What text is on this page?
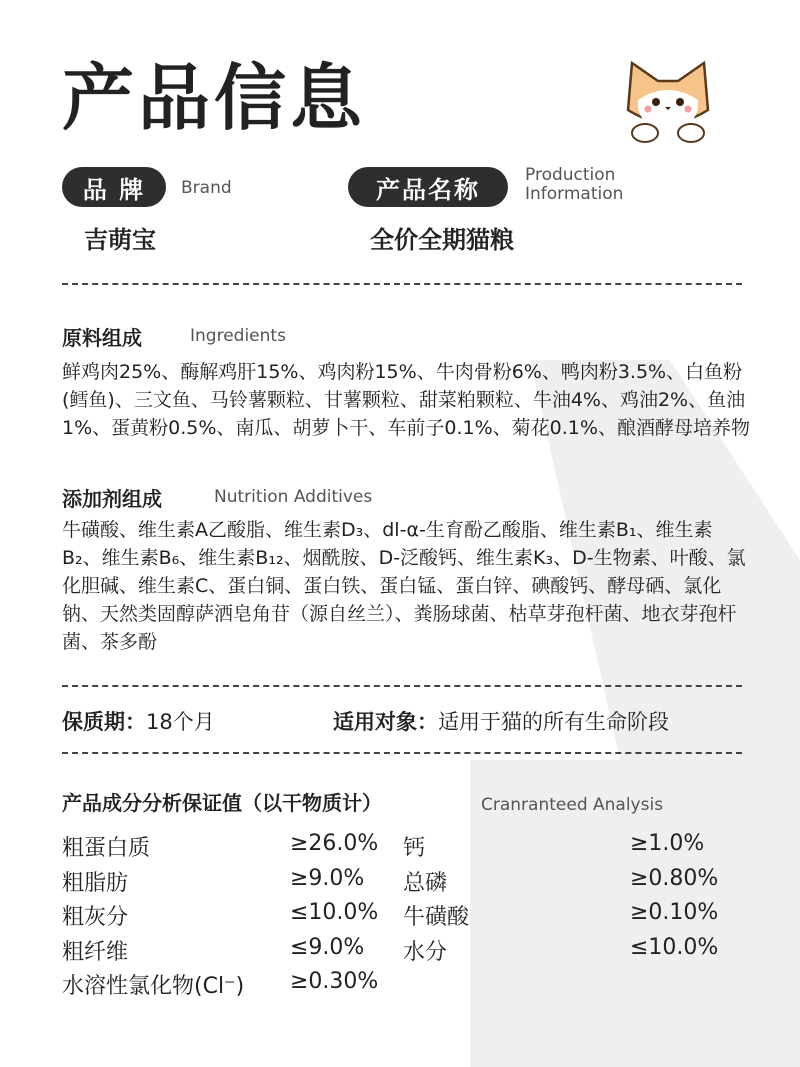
产品信息
品 牌	Brand
吉萌宝
产品名称
Production
Information
全价全期猫粮
原料组成	Ingredients
鲜鸡肉25%、酶解鸡肝15%、鸡肉粉15%、牛肉骨粉6%、鸭肉粉3.5%、白鱼粉(鳕鱼)、三文鱼、马铃薯颗粒、甘薯颗粒、甜菜粕颗粒、牛油4%、鸡油2%、鱼油1%、蛋黄粉0.5%、南瓜、胡萝卜干、车前子0.1%、菊花0.1%、酿酒酵母培养物
添加剂组成	Nutrition Additives
牛磺酸、维生素A乙酸脂、维生素D₃、dl-α-生育酚乙酸脂、维生素B₁、维生素B₂、维生素B₆、维生素B₁₂、烟酰胺、D-泛酸钙、维生素K₃、D-生物素、叶酸、氯化胆碱、维生素C、蛋白铜、蛋白铁、蛋白锰、蛋白锌、碘酸钙、酵母硒、氯化钠、天然类固醇萨洒皂角苷（源自丝兰）、粪肠球菌、枯草芽孢杆菌、地衣芽孢杆菌、茶多酚
保质期：18个月	适用对象：适用于猫的所有生命阶段
产品成分分析保证值（以干物质计）	Cranranteed Analysis
粗蛋白质	≥26.0% 钙	≥1.0%
粗脂肪	≥9.0% 总磷	≥0.80%
粗灰分	≤10.0% 牛磺酸	≥0.10%
粗纤维	≤9.0% 水分	≤10.0%
水溶性氯化物(Cl⁻) ≥0.30%
